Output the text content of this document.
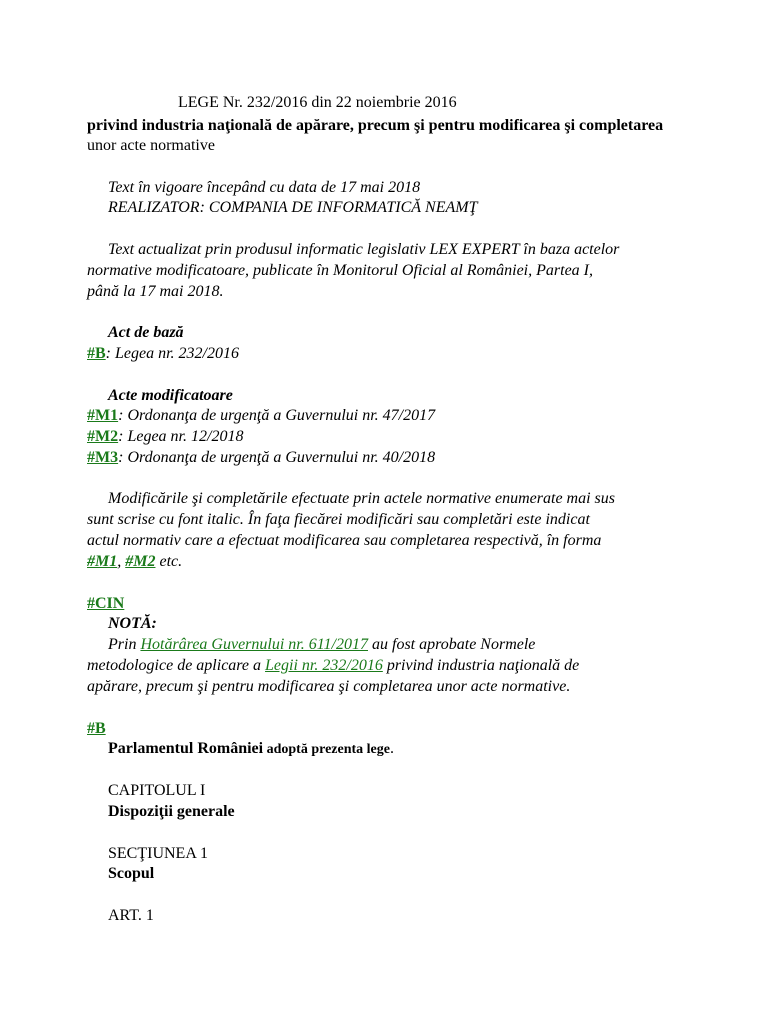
LEGE Nr. 232/2016 din 22 noiembrie 2016
privind industria naţională de apărare, precum şi pentru modificarea şi completarea
unor acte normative
Text în vigoare începând cu data de 17 mai 2018
REALIZATOR: COMPANIA DE INFORMATICĂ NEAMŢ
Text actualizat prin produsul informatic legislativ LEX EXPERT în baza actelor
normative modificatoare, publicate în Monitorul Oficial al României, Partea I,
până la 17 mai 2018.
Act de bază
#B: Legea nr. 232/2016
Acte modificatoare
#M1: Ordonanţa de urgenţă a Guvernului nr. 47/2017
#M2: Legea nr. 12/2018
#M3: Ordonanţa de urgenţă a Guvernului nr. 40/2018
Modificările şi completările efectuate prin actele normative enumerate mai sus
sunt scrise cu font italic. În faţa fiecărei modificări sau completări este indicat
actul normativ care a efectuat modificarea sau completarea respectivă, în forma
#M1, #M2 etc.
#CIN
NOTĂ:
Prin Hotărârea Guvernului nr. 611/2017 au fost aprobate Normele
metodologice de aplicare a Legii nr. 232/2016 privind industria naţională de
apărare, precum şi pentru modificarea şi completarea unor acte normative.
#B
Parlamentul României adoptă prezenta lege.
CAPITOLUL I
Dispoziţii generale
SECŢIUNEA 1
Scopul
ART. 1
